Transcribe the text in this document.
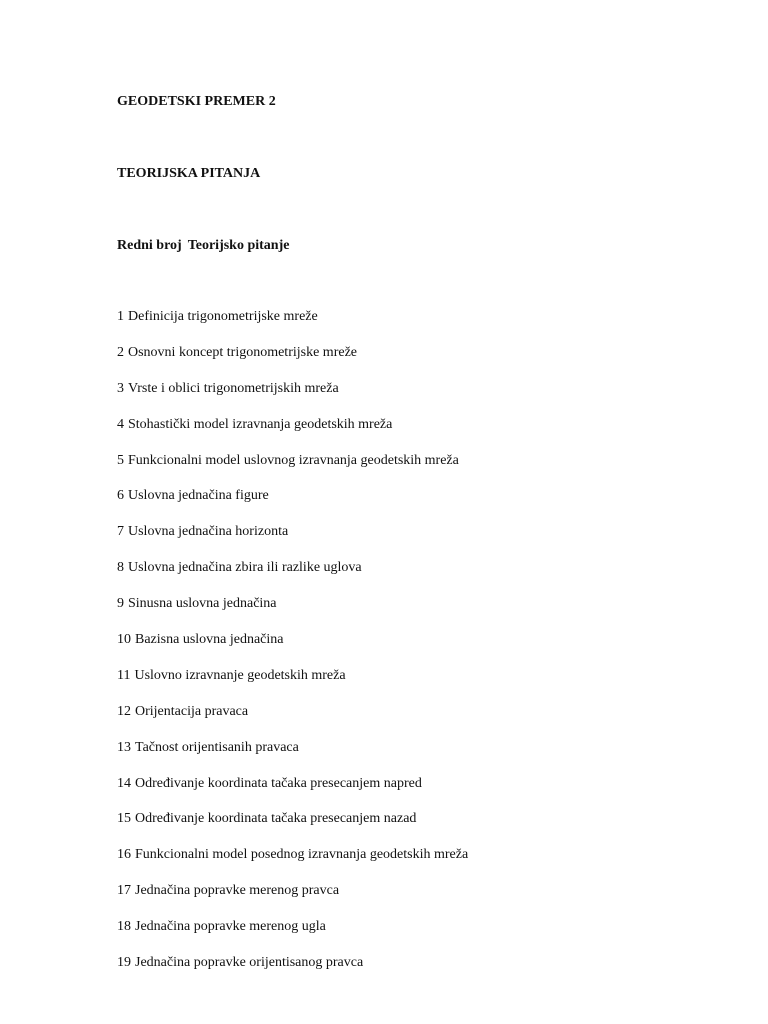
GEODETSKI PREMER 2
TEORIJSKA PITANJA
Redni broj Teorijsko pitanje
1 Definicija trigonometrijske mreže
2 Osnovni koncept trigonometrijske mreže
3 Vrste i oblici trigonometrijskih mreža
4 Stohastički model izravnanja geodetskih mreža
5 Funkcionalni model uslovnog izravnanja geodetskih mreža
6 Uslovna jednačina figure
7 Uslovna jednačina horizonta
8 Uslovna jednačina zbira ili razlike uglova
9 Sinusna uslovna jednačina
10 Bazisna uslovna jednačina
11 Uslovno izravnanje geodetskih mreža
12 Orijentacija pravaca
13 Tačnost orijentisanih pravaca
14 Određivanje koordinata tačaka presecanjem napred
15 Određivanje koordinata tačaka presecanjem nazad
16 Funkcionalni model posednog izravnanja geodetskih mreža
17 Jednačina popravke merenog pravca
18 Jednačina popravke merenog ugla
19 Jednačina popravke orijentisanog pravca
